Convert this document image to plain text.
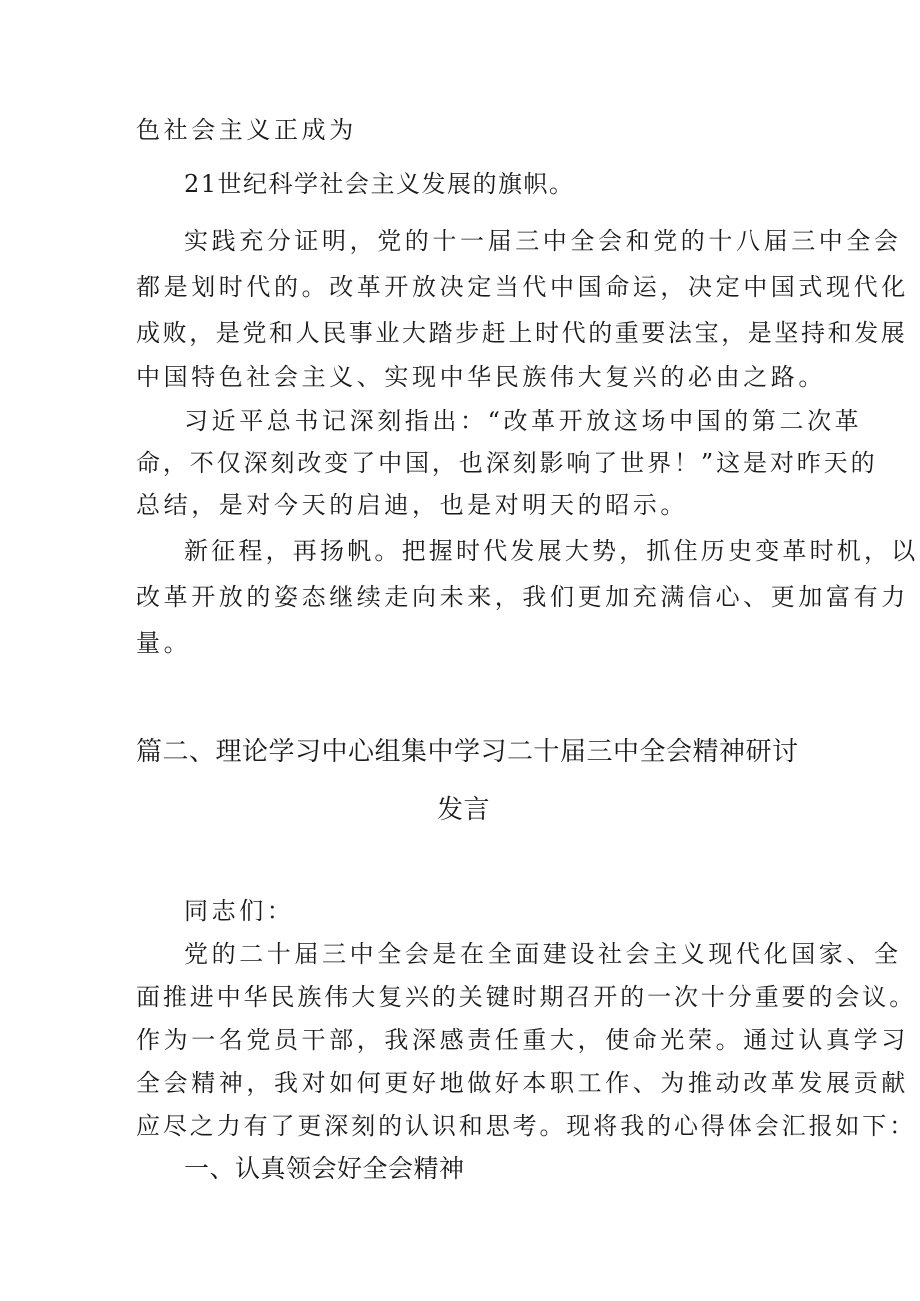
色社会主义正成为
21世纪科学社会主义发展的旗帜。
实践充分证明，党的十一届三中全会和党的十八届三中全会
都是划时代的。改革开放决定当代中国命运，决定中国式现代化
成败，是党和人民事业大踏步赶上时代的重要法宝，是坚持和发展
中国特色社会主义、实现中华民族伟大复兴的必由之路。
习近平总书记深刻指出：“改革开放这场中国的第二次革
命，不仅深刻改变了中国，也深刻影响了世界！”这是对昨天的
总结，是对今天的启迪，也是对明天的昭示。
新征程，再扬帆。把握时代发展大势，抓住历史变革时机，以
改革开放的姿态继续走向未来，我们更加充满信心、更加富有力
量。
篇二、理论学习中心组集中学习二十届三中全会精神研讨
发言
同志们：
党的二十届三中全会是在全面建设社会主义现代化国家、全
面推进中华民族伟大复兴的关键时期召开的一次十分重要的会议。
作为一名党员干部，我深感责任重大，使命光荣。通过认真学习
全会精神，我对如何更好地做好本职工作、为推动改革发展贡献
应尽之力有了更深刻的认识和思考。现将我的心得体会汇报如下：
一、认真领会好全会精神
